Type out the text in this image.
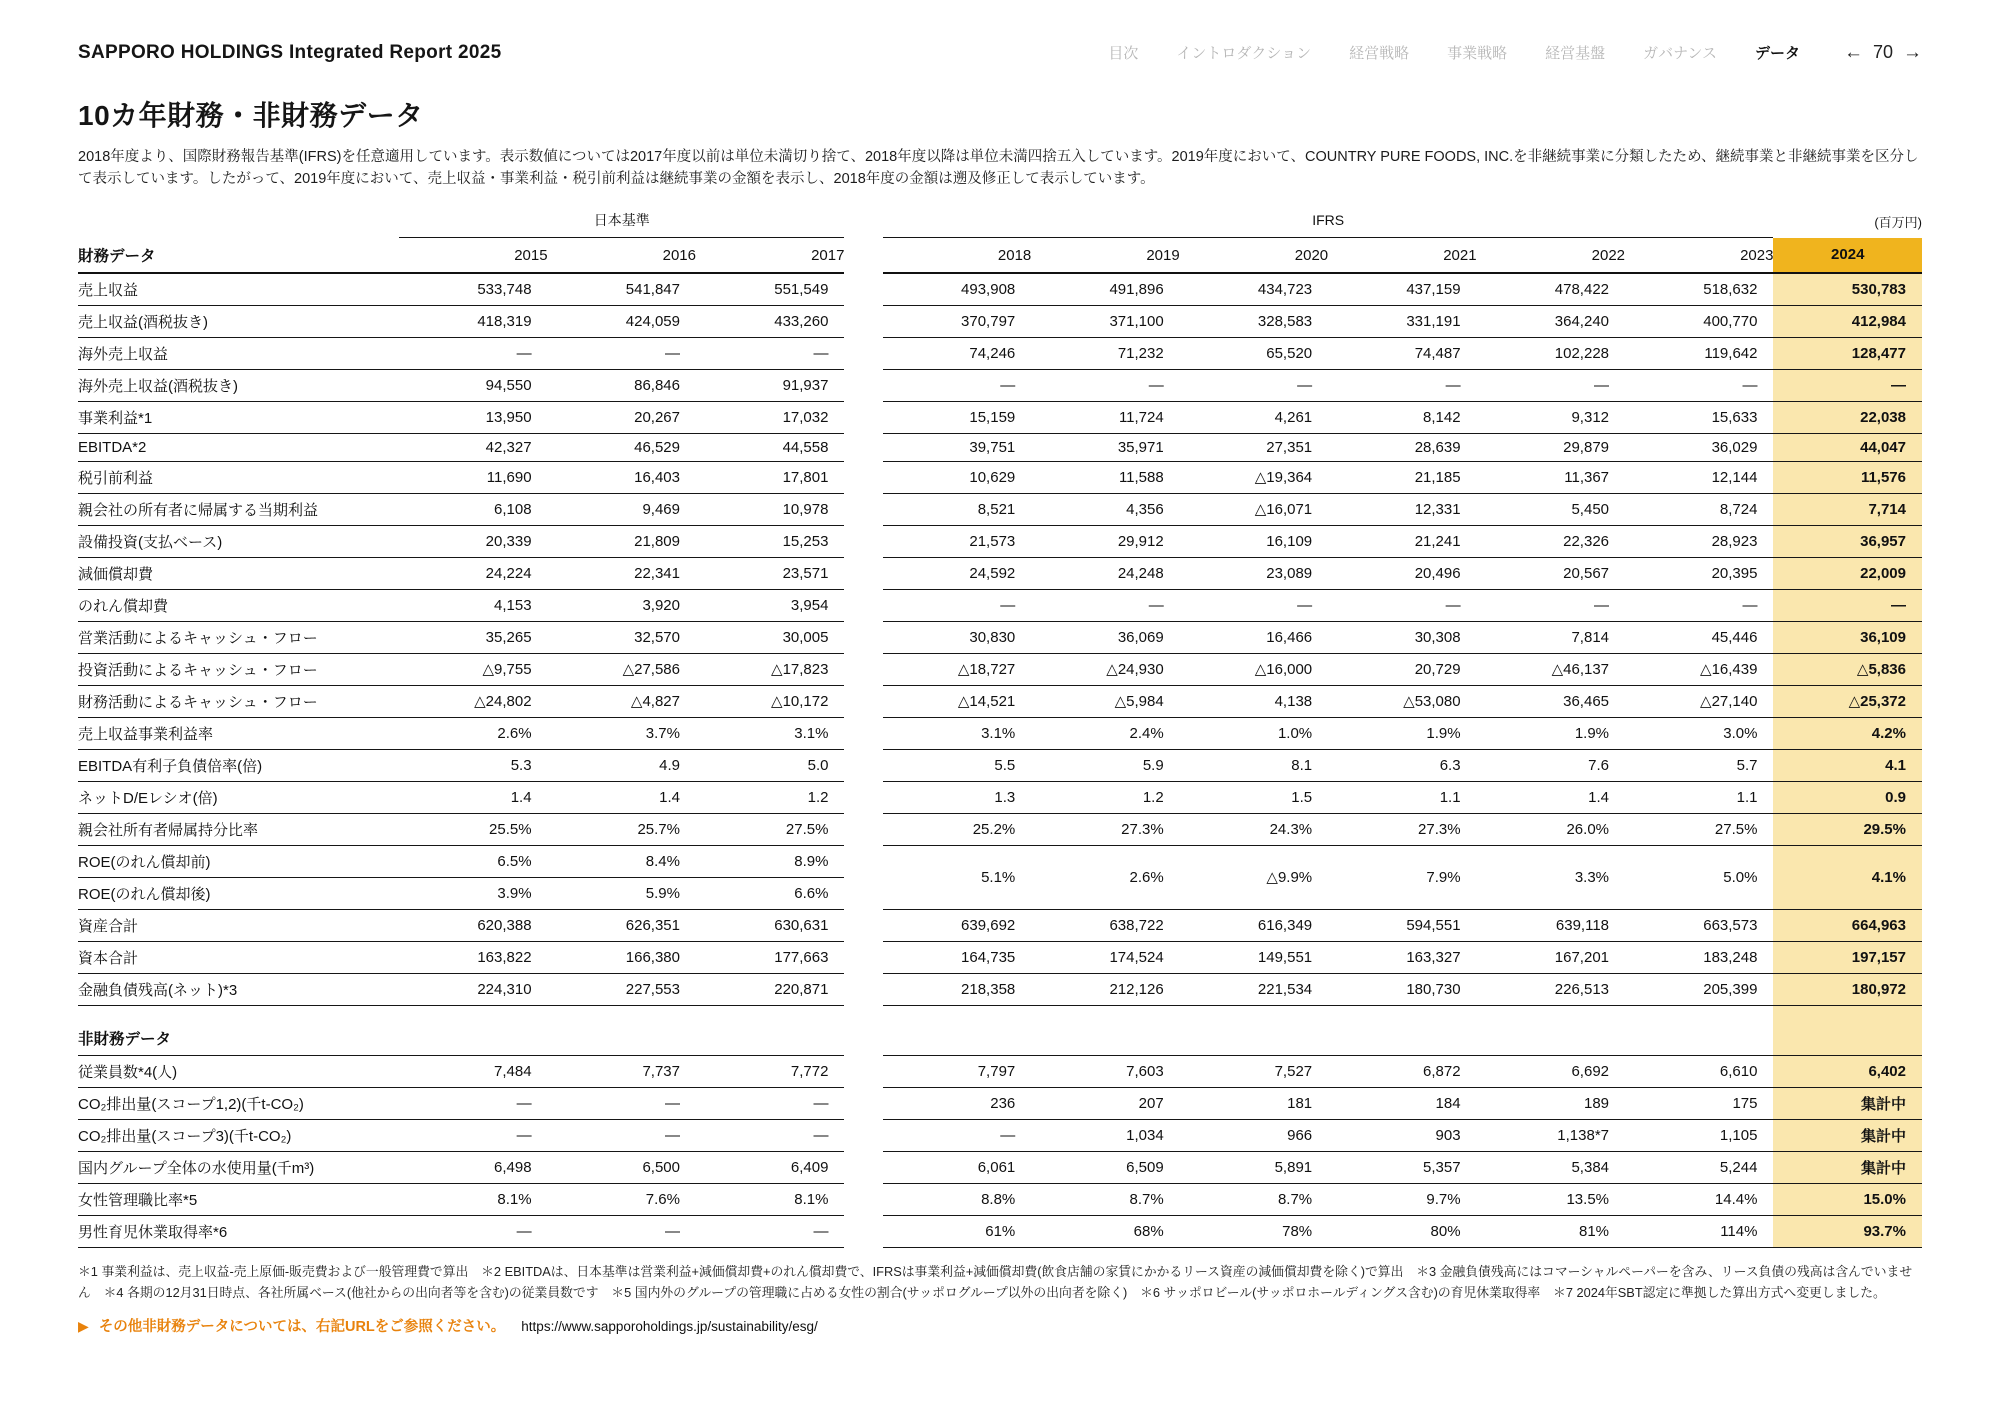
SAPPORO HOLDINGS Integrated Report 2025	目次	イントロダクション	経営戦略	事業戦略	経営基盤	ガバナンス	データ ← 70 →
10カ年財務・非財務データ

2018年度より、国際財務報告基準(IFRS)を任意適用しています。表示数値については2017年度以前は単位未満切り捨て、2018年度以降は単位未満四捨五入しています。2019年度において、COUNTRY PURE FOODS, INC.を非継続事業に分類したため、継続事業と非継続事業を区分して表示しています。したがって、2019年度において、売上収益・事業利益・税引前利益は継続事業の金額を表示し、2018年度の金額は遡及修正して表示しています。

	日本基準				IFRS						(百万円)
財務データ	2015	2016	2017		2018	2019	2020	2021	2022	2023	2024
売上収益	533,748	541,847	551,549		493,908	491,896	434,723	437,159	478,422	518,632	530,783
売上収益(酒税抜き)	418,319	424,059	433,260		370,797	371,100	328,583	331,191	364,240	400,770	412,984
海外売上収益	—	—	—		74,246	71,232	65,520	74,487	102,228	119,642	128,477
海外売上収益(酒税抜き)	94,550	86,846	91,937		—	—	—	—	—	—	—
事業利益*1	13,950	20,267	17,032		15,159	11,724	4,261	8,142	9,312	15,633	22,038
EBITDA*2	42,327	46,529	44,558		39,751	35,971	27,351	28,639	29,879	36,029	44,047
税引前利益	11,690	16,403	17,801		10,629	11,588	△19,364	21,185	11,367	12,144	11,576
親会社の所有者に帰属する当期利益	6,108	9,469	10,978		8,521	4,356	△16,071	12,331	5,450	8,724	7,714
設備投資(支払ベース)	20,339	21,809	15,253		21,573	29,912	16,109	21,241	22,326	28,923	36,957
減価償却費	24,224	22,341	23,571		24,592	24,248	23,089	20,496	20,567	20,395	22,009
のれん償却費	4,153	3,920	3,954		—	—	—	—	—	—	—
営業活動によるキャッシュ・フロー	35,265	32,570	30,005		30,830	36,069	16,466	30,308	7,814	45,446	36,109
投資活動によるキャッシュ・フロー	△9,755	△27,586	△17,823		△18,727	△24,930	△16,000	20,729	△46,137	△16,439	△5,836
財務活動によるキャッシュ・フロー	△24,802	△4,827	△10,172		△14,521	△5,984	4,138	△53,080	36,465	△27,140	△25,372
売上収益事業利益率	2.6%	3.7%	3.1%		3.1%	2.4%	1.0%	1.9%	1.9%	3.0%	4.2%
EBITDA有利子負債倍率(倍)	5.3	4.9	5.0		5.5	5.9	8.1	6.3	7.6	5.7	4.1
ネットD/Eレシオ(倍)	1.4	1.4	1.2		1.3	1.2	1.5	1.1	1.4	1.1	0.9
親会社所有者帰属持分比率	25.5%	25.7%	27.5%		25.2%	27.3%	24.3%	27.3%	26.0%	27.5%	29.5%
ROE(のれん償却前)	6.5%	8.4%	8.9%		5.1%	2.6%	△9.9%	7.9%	3.3%	5.0%	4.1%
ROE(のれん償却後)	3.9%	5.9%	6.6%								
資産合計	620,388	626,351	630,631		639,692	638,722	616,349	594,551	639,118	663,573	664,963
資本合計	163,822	166,380	177,663		164,735	174,524	149,551	163,327	167,201	183,248	197,157
金融負債残高(ネット)*3	224,310	227,553	220,871		218,358	212,126	221,534	180,730	226,513	205,399	180,972
非財務データ											
従業員数*4(人)	7,484	7,737	7,772		7,797	7,603	7,527	6,872	6,692	6,610	6,402
CO₂排出量(スコープ1,2)(千t-CO₂)	—	—	—		236	207	181	184	189	175	集計中
CO₂排出量(スコープ3)(千t-CO₂)	—	—	—		—	1,034	966	903	1,138*7	1,105	集計中
国内グループ全体の水使用量(千m³)	6,498	6,500	6,409		6,061	6,509	5,891	5,357	5,384	5,244	集計中
女性管理職比率*5	8.1%	7.6%	8.1%		8.8%	8.7%	8.7%	9.7%	13.5%	14.4%	15.0%
男性育児休業取得率*6	—	—	—		61%	68%	78%	80%	81%	114%	93.7%

＊1 事業利益は、売上収益-売上原価-販売費および一般管理費で算出　＊2 EBITDAは、日本基準は営業利益+減価償却費+のれん償却費で、IFRSは事業利益+減価償却費(飲食店舗の家賃にかかるリース資産の減価償却費を除く)で算出　＊3 金融負債残高にはコマーシャルペーパーを含み、リース負債の残高は含んでいません　＊4 各期の12月31日時点、各社所属ベース(他社からの出向者等を含む)の従業員数です　＊5 国内外のグループの管理職に占める女性の割合(サッポログループ以外の出向者を除く)　＊6 サッポロビール(サッポロホールディングス含む)の育児休業取得率　＊7 2024年SBT認定に準拠した算出方式へ変更しました。

▶ その他非財務データについては、右記URLをご参照ください。 https://www.sapporoholdings.jp/sustainability/esg/
